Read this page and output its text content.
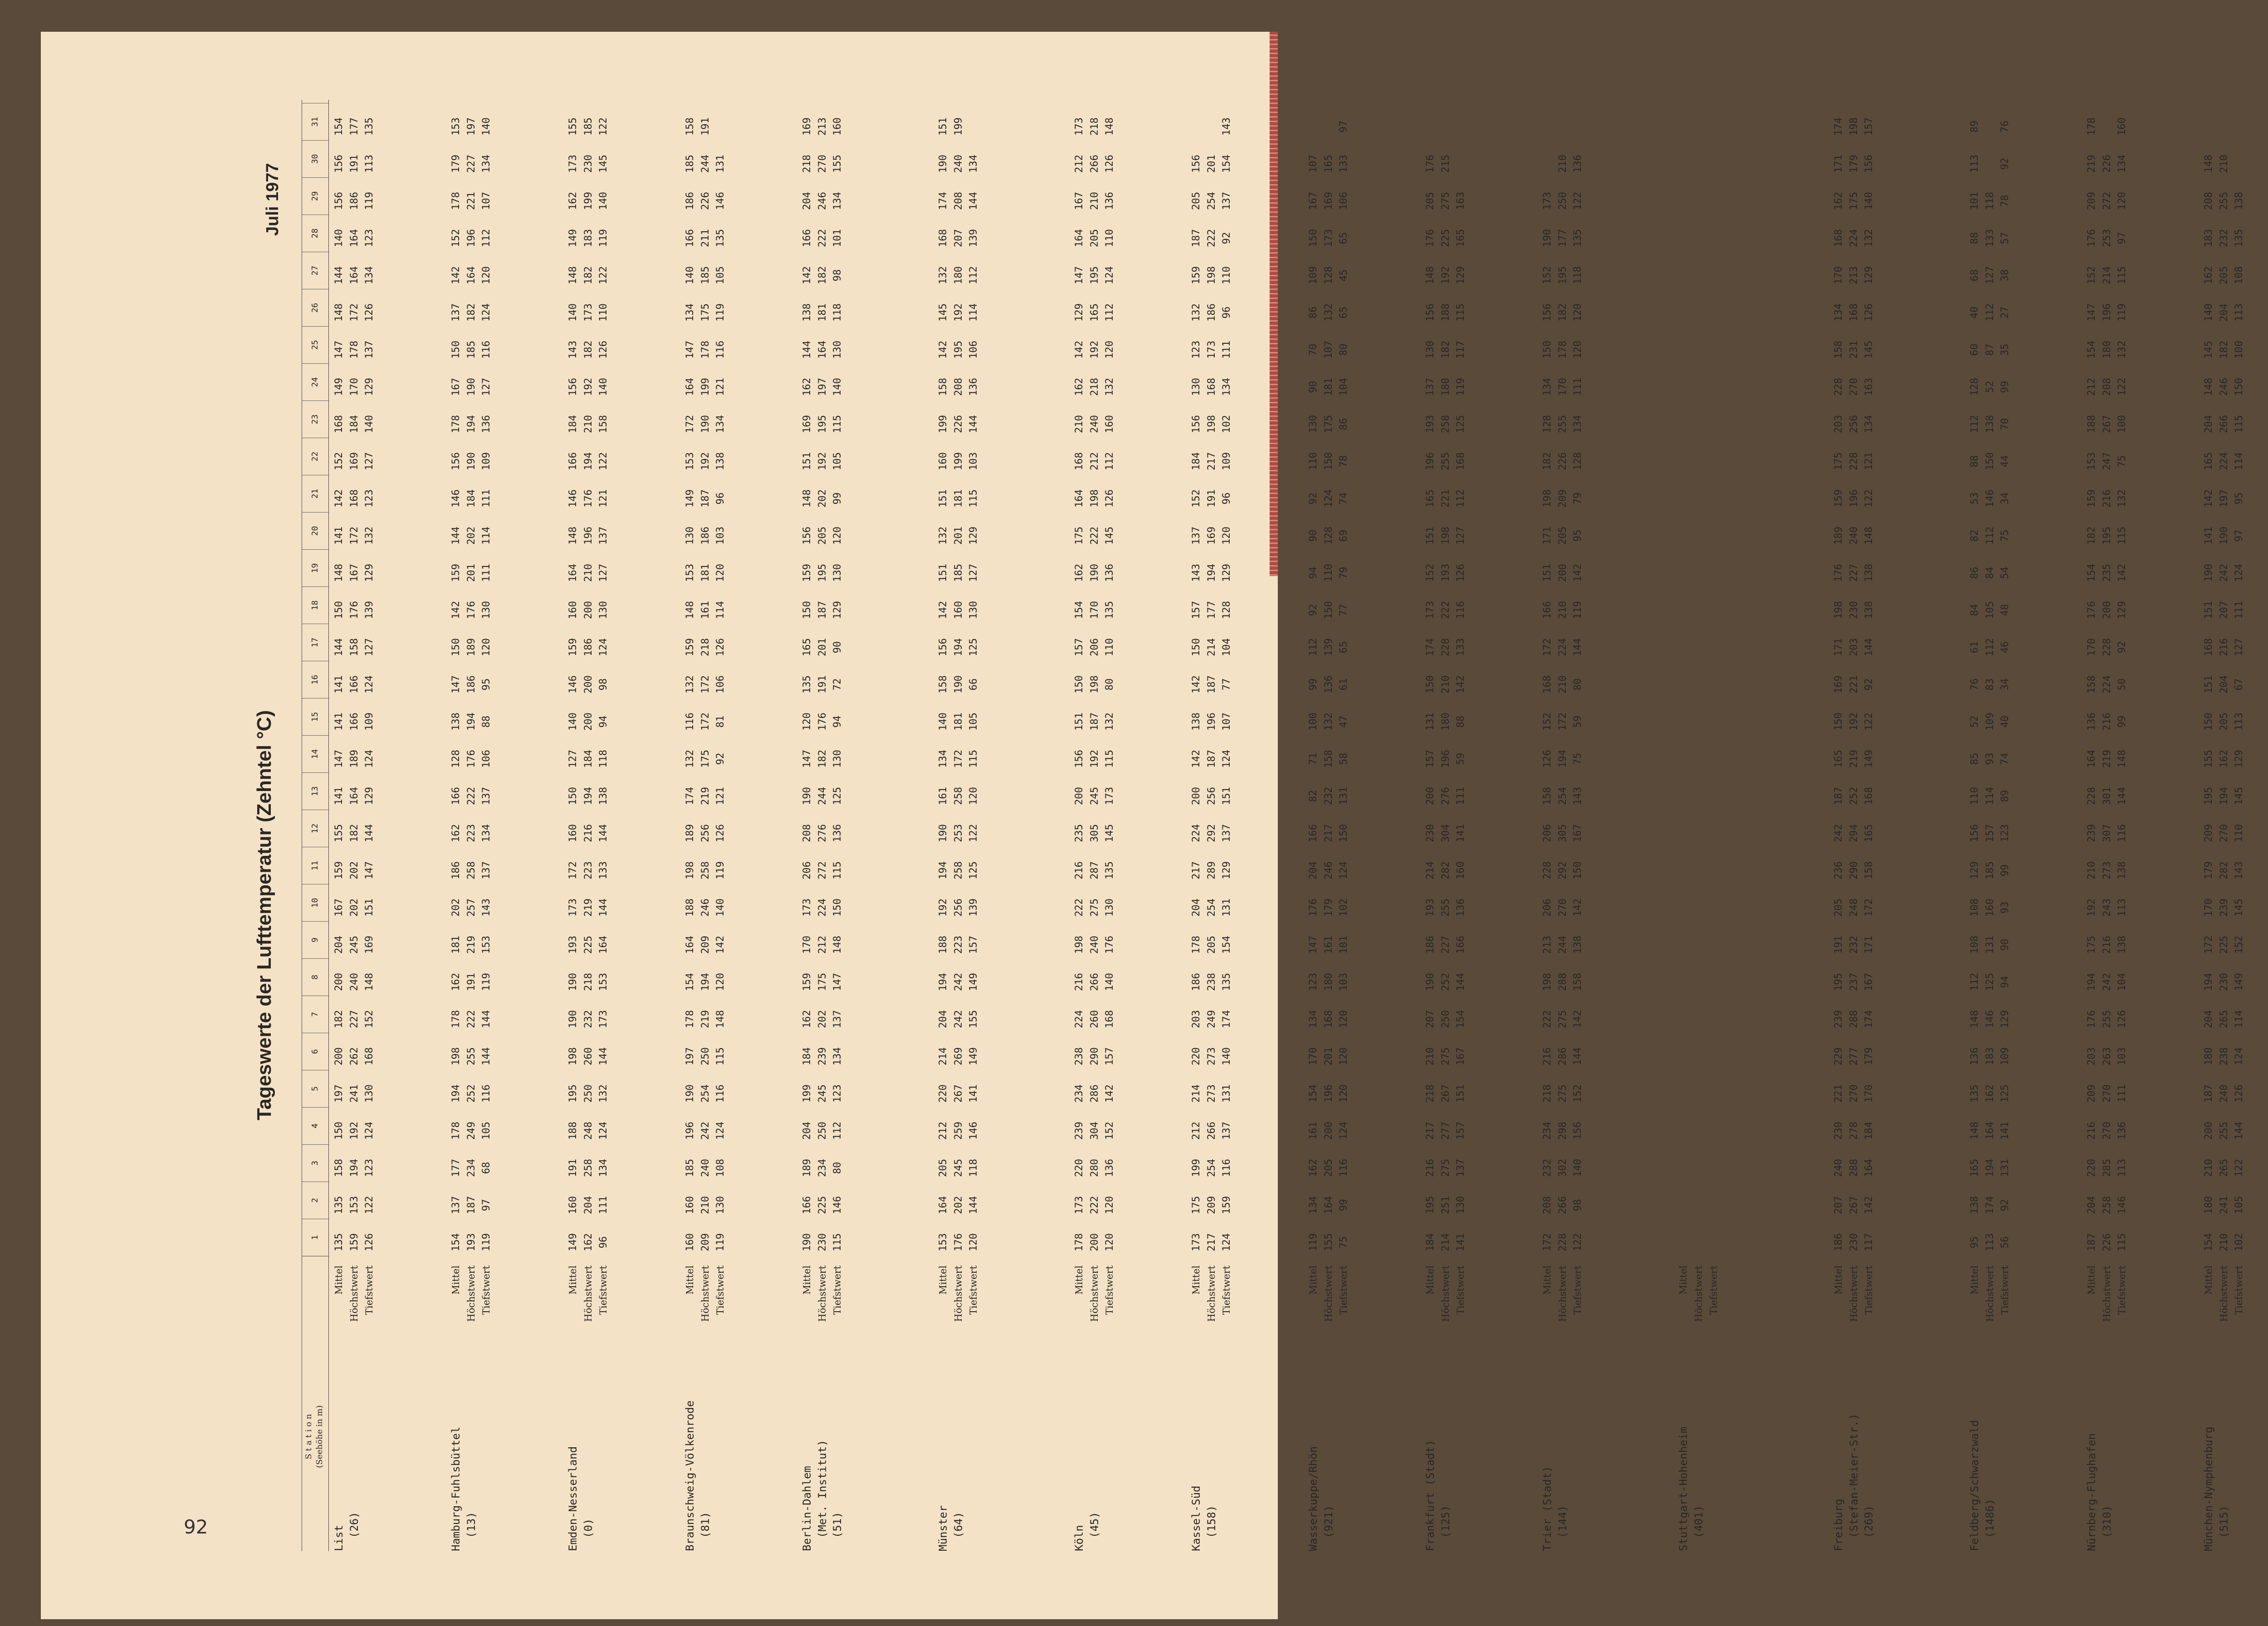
92
Tageswerte der Lufttemperatur (Zehntel °C)
Juli 1977
S t a t i o n (Seehöhe in m)
1
2
3
4
5
6
7
8
9
10
11
12
13
14
15
16
17
18
19
20
21
22
23
24
25
26
27
28
29
30
31
Mittel
135
135
158
150
197
200
182
200
204
167
159
155
141
147
141
141
144
150
148
141
142
152
168
149
147
148
144
140
156
156
154
Höchstwert
159
153
194
192
241
262
227
240
245
202
202
182
164
189
166
166
158
176
167
172
168
169
184
170
178
172
164
164
186
191
177
Tiefstwert
126
122
123
124
130
168
152
148
169
151
147
144
129
124
109
124
127
139
129
132
123
127
140
129
137
126
134
123
119
113
135
List (26)
Mittel
154
137
177
178
194
198
178
162
181
202
186
162
166
128
138
147
150
142
159
144
146
156
178
167
150
137
142
152
178
179
153
Höchstwert
193
187
234
249
252
255
222
191
219
257
258
223
222
176
194
186
189
176
201
202
184
190
194
190
185
182
164
196
221
227
197
Tiefstwert
119
97
68
105
116
144
144
119
153
143
137
134
137
106
88
95
120
130
111
114
111
109
136
127
116
124
120
112
107
134
140
Hamburg-Fuhlsbüttel (13)
Mittel
149
160
191
188
195
198
190
190
193
173
172
160
150
127
140
146
159
160
164
148
146
166
184
156
143
140
148
149
162
173
155
Höchstwert
162
204
258
248
250
260
232
218
225
219
223
216
194
184
200
200
186
200
210
196
176
194
210
192
182
173
182
183
199
230
185
Tiefstwert
96
111
134
124
132
144
173
153
164
144
133
144
138
118
94
98
124
130
127
137
121
122
158
140
126
110
122
119
140
145
122
Emden-Nesserland (0)
Mittel
160
160
185
196
190
197
178
154
164
188
198
189
174
132
116
132
159
148
153
130
149
153
172
164
147
134
140
166
186
185
158
Höchstwert
209
210
240
242
254
250
219
194
209
246
258
256
219
175
172
172
218
161
181
186
187
192
190
199
178
175
185
211
226
244
191
Tiefstwert
119
130
108
124
116
115
148
120
142
140
119
126
121
92
81
106
126
114
120
103
96
138
134
121
116
119
105
135
146
131
Braunschweig-Völkenrode (81)
Mittel
190
166
189
204
199
184
162
159
170
173
206
208
190
147
120
135
165
150
159
156
148
151
169
162
144
138
142
166
204
218
169
Höchstwert
230
225
234
250
245
239
202
175
212
224
272
276
244
182
176
191
201
187
195
205
202
192
195
197
164
181
182
222
246
270
213
Tiefstwert
115
146
80
112
123
134
137
147
148
150
115
136
125
130
94
72
90
129
130
120
99
105
115
140
130
118
98
101
134
155
160
Berlin-Dahlem (Met. Institut) (51)
Mittel
153
164
205
212
220
214
204
194
188
192
194
190
161
134
140
158
156
142
151
132
151
160
199
158
142
145
132
168
174
190
151
Höchstwert
176
202
245
259
267
269
242
242
223
256
258
253
258
172
181
190
194
160
185
201
181
199
226
208
195
192
180
207
208
240
199
Tiefstwert
120
144
118
146
141
149
155
149
157
139
125
122
120
115
105
66
125
130
127
129
115
103
144
136
106
114
112
139
144
134
Münster (64)
Mittel
178
173
220
239
234
238
224
216
198
222
216
235
200
156
151
150
157
154
162
175
164
168
210
162
142
129
147
164
167
212
173
Höchstwert
200
222
280
304
286
290
260
266
240
275
287
305
245
192
187
198
206
170
190
222
198
212
240
218
192
165
195
205
210
266
218
Tiefstwert
120
120
136
152
142
157
168
140
176
130
135
145
173
115
132
80
110
135
136
145
126
112
160
132
120
112
124
110
136
126
148
Köln (45)
Mittel
173
175
199
212
214
220
203
186
178
204
217
224
200
142
138
142
150
157
143
137
152
184
156
130
123
132
159
187
205
156
Höchstwert
217
209
254
266
273
273
249
238
205
254
289
292
256
187
196
187
214
177
194
169
191
217
198
168
173
186
198
222
254
201
Tiefstwert
124
159
116
137
131
140
174
135
154
131
129
137
151
124
107
77
104
128
129
120
96
109
102
134
111
96
110
92
137
154
143
Kassel-Süd (158)
Mittel
119
134
162
161
154
170
134
123
147
176
204
166
82
71
100
99
112
92
94
90
92
110
130
90
70
86
109
150
167
107
Höchstwert
155
164
205
200
196
201
168
180
161
179
246
217
232
158
132
136
139
150
110
128
124
150
175
181
107
132
128
173
169
165
Tiefstwert
75
99
116
124
120
120
120
103
101
102
124
150
131
58
47
61
65
77
79
69
74
78
86
104
80
65
45
65
106
133
97
Wasserkuppe/Rhön (921)
Mittel
184
195
216
217
218
210
207
190
186
193
214
230
200
157
131
150
174
173
152
151
165
196
193
137
130
156
148
176
205
176
Höchstwert
214
251
275
277
267
275
250
252
227
255
282
304
276
196
180
210
228
222
193
198
221
255
258
180
182
188
192
225
275
215
Tiefstwert
141
130
137
157
151
167
154
144
166
136
160
141
111
59
88
142
133
116
126
127
112
168
125
119
117
115
129
165
163
Frankfurt (Stadt) (125)
Mittel
172
208
232
234
218
216
222
198
213
206
228
206
158
126
152
168
172
166
151
171
198
182
128
134
150
156
152
190
173
Höchstwert
228
266
302
298
275
286
275
288
244
270
292
305
254
194
172
210
224
210
200
205
209
226
255
170
178
182
195
177
250
210
Tiefstwert
122
98
140
156
152
144
142
158
138
142
150
167
143
75
59
80
144
119
142
95
79
128
134
111
120
120
118
135
122
136
Trier (Stadt) (144)
Mittel Höchstwert Tiefstwert
Stuttgart-Hohenheim (401)
Mittel
186
207
240
230
221
229
239
195
191
205
236
242
187
165
150
169
171
198
176
189
159
175
203
228
158
134
170
168
162
171
174
Höchstwert
230
267
288
278
270
277
288
237
232
248
290
294
252
219
192
221
203
230
227
240
196
228
256
270
231
168
213
224
175
179
198
Tiefstwert
117
142
164
184
170
179
174
167
171
172
158
165
168
149
122
92
144
138
138
148
122
121
134
163
145
126
129
132
140
156
157
Freiburg (Stefan-Meier-Str.) (269)
Mittel
95
138
165
148
135
136
148
112
108
108
129
156
110
85
52
76
61
84
86
82
53
88
112
128
60
40
68
88
101
113
89
Höchstwert
113
174
194
164
162
183
146
125
131
160
185
157
114
93
109
83
112
105
84
112
146
150
138
52
87
112
127
133
118
Tiefstwert
56
92
131
141
125
109
129
94
90
93
99
123
89
74
40
34
46
48
54
75
34
44
70
99
35
27
38
57
78
92
76
Feldberg/Schwarzwald (1486)
Mittel
187
204
220
216
209
203
176
194
175
192
210
239
228
164
136
158
170
176
154
182
159
153
188
212
154
147
152
176
209
219
178
Höchstwert
226
258
285
270
270
263
255
242
216
243
273
307
301
219
216
224
228
200
235
195
216
247
267
208
180
196
214
253
272
226
Tiefstwert
115
146
113
136
111
103
126
104
138
113
138
116
144
148
99
50
92
129
142
115
132
75
100
122
132
119
115
97
120
134
160
Nürnberg-Flughafen (310)
Mittel
154
180
210
200
187
180
204
194
172
170
179
209
195
155
150
151
168
151
190
141
142
165
204
148
145
140
162
183
208
148
Höchstwert
210
241
265
255
240
238
265
230
225
239
282
270
194
162
205
204
216
207
242
190
197
224
266
246
182
204
205
232
255
210
Tiefstwert
102
105
122
144
126
124
114
149
152
145
143
110
145
129
113
67
127
111
124
97
95
114
115
150
100
113
108
135
138
München-Nymphenburg (515)
